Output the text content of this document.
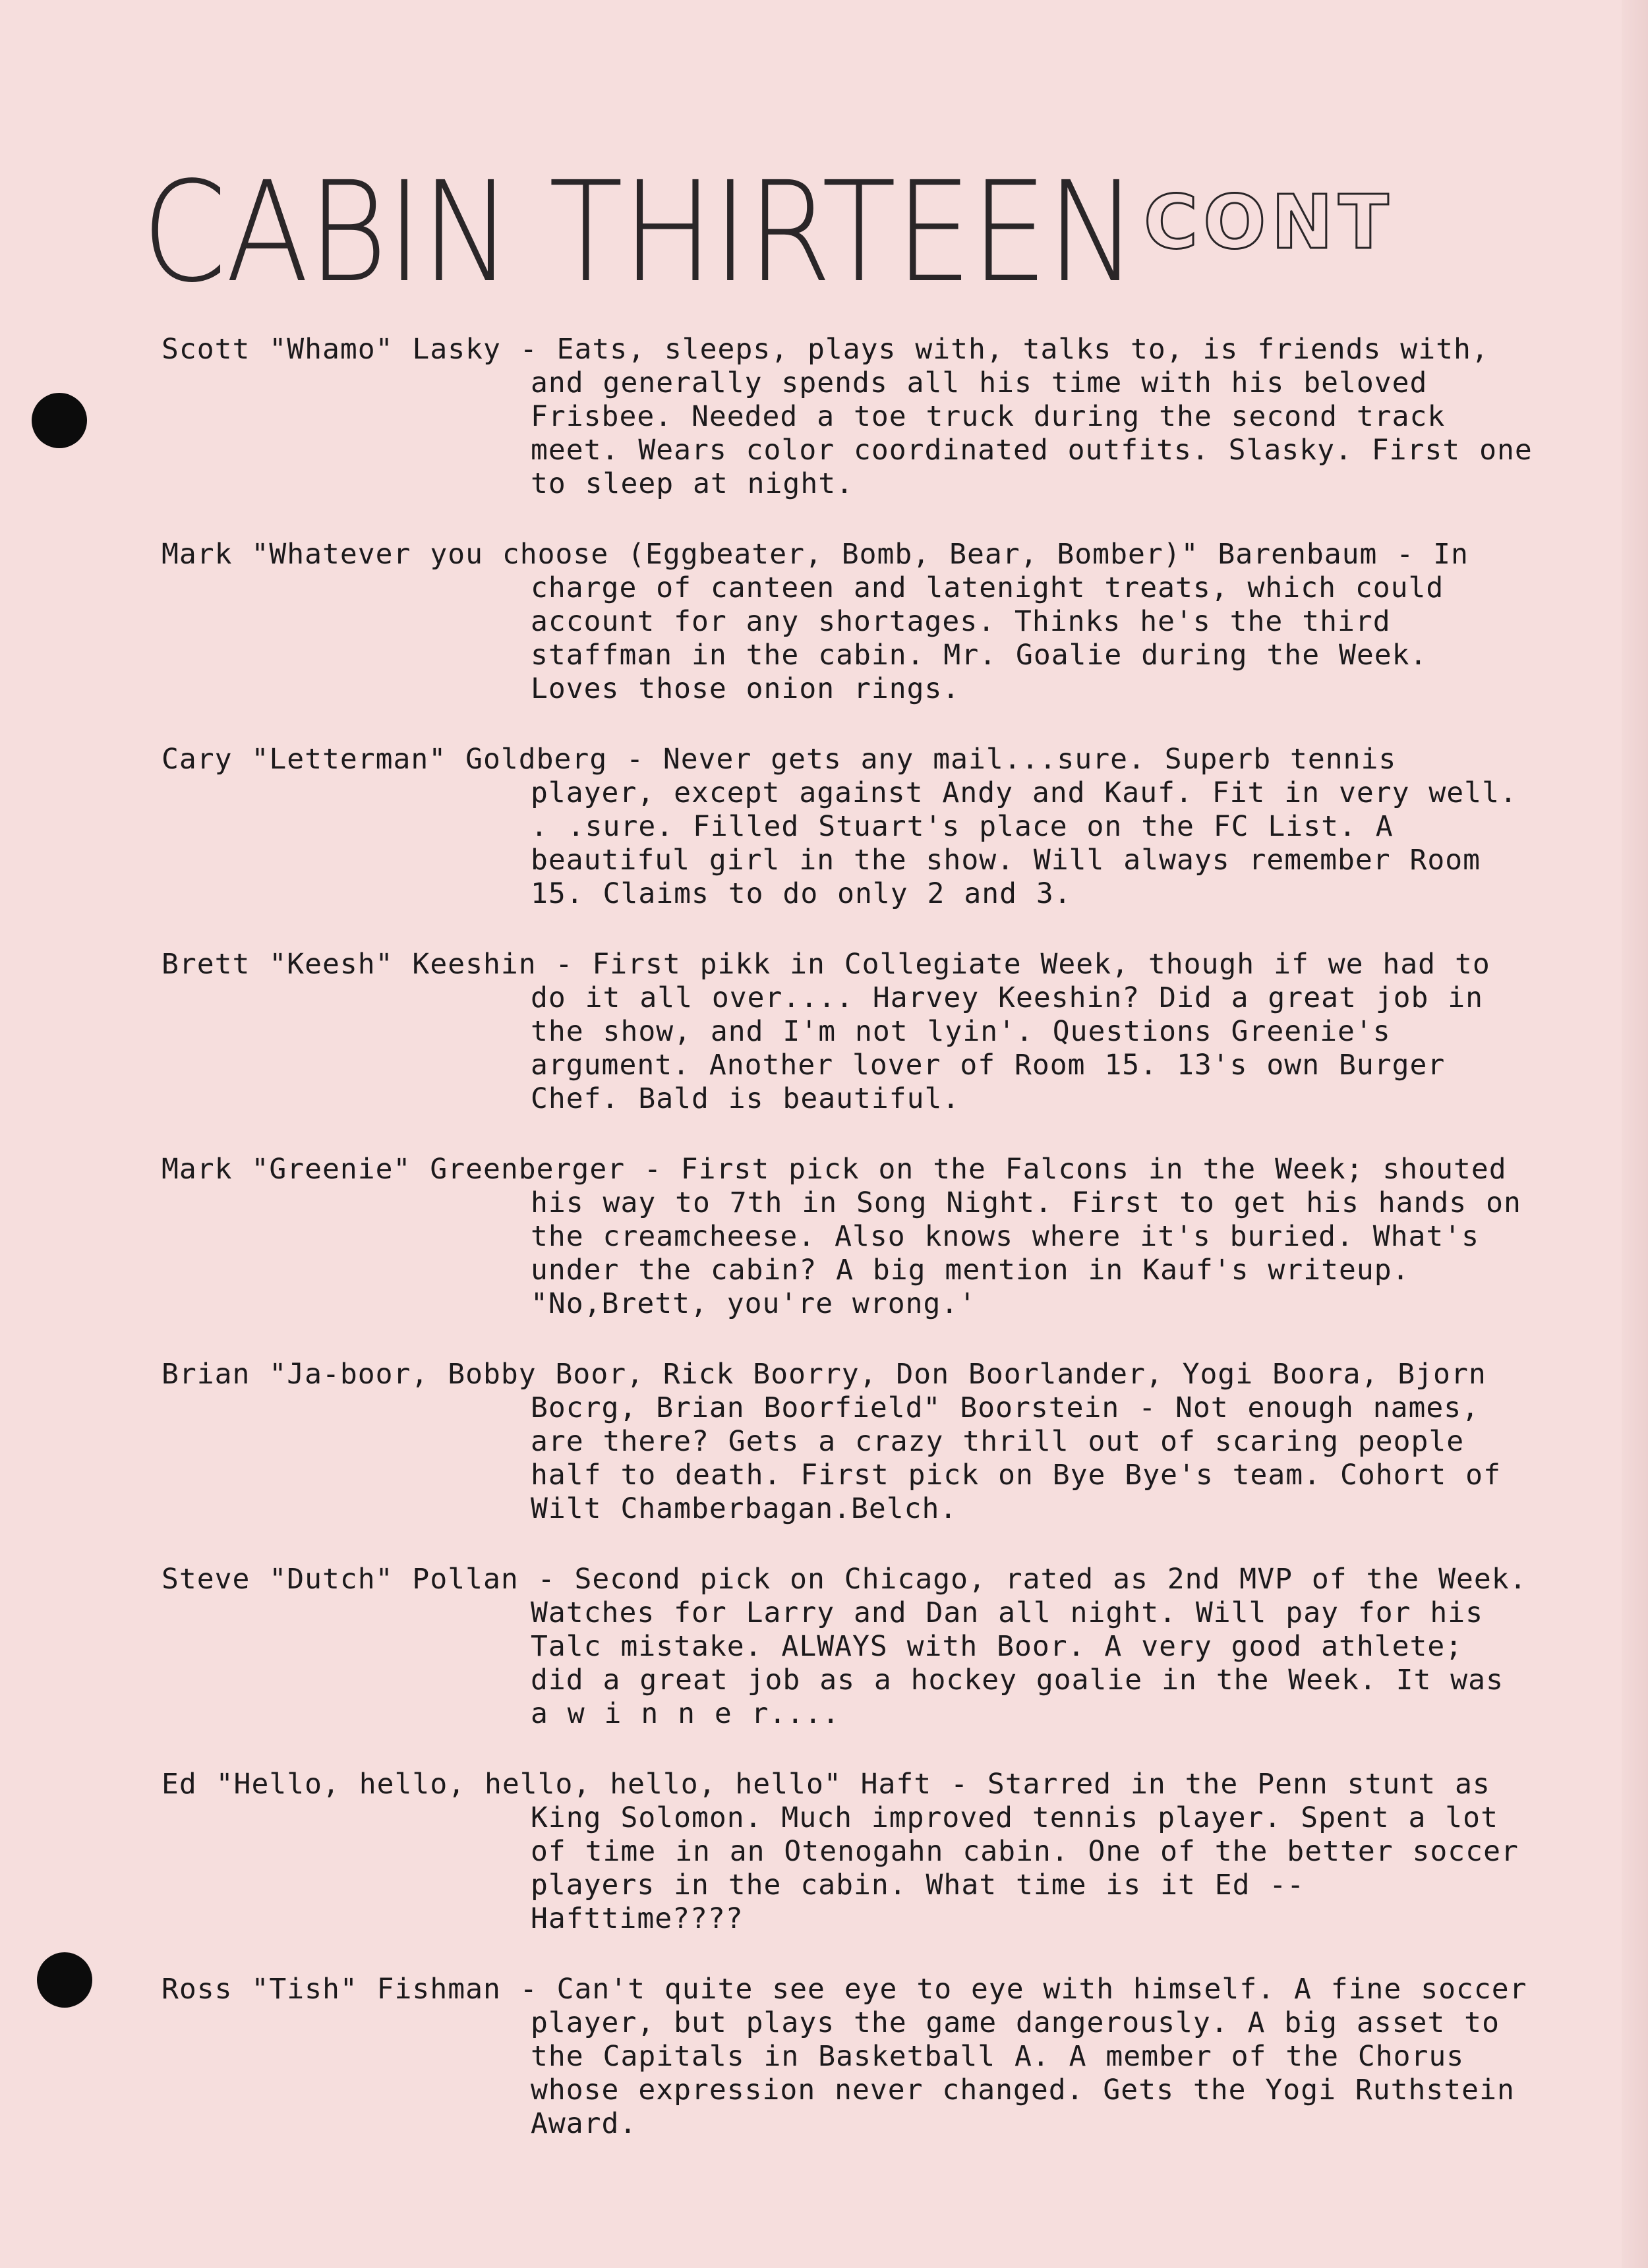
CABIN THIRTEEN CONT
Scott "Whamo" Lasky - Eats, sleeps, plays with, talks to, is friends with, and generally spends all his time with his beloved Frisbee. Needed a toe truck during the second track meet. Wears color coordinated outfits. Slasky. First one to sleep at night.
Mark "Whatever you choose (Eggbeater, Bomb, Bear, Bomber)" Barenbaum - In charge of canteen and latenight treats, which could account for any shortages. Thinks he's the third staffman in the cabin. Mr. Goalie during the Week. Loves those onion rings.
Cary "Letterman" Goldberg - Never gets any mail...sure. Superb tennis player, except against Andy and Kauf. Fit in very well. . .sure. Filled Stuart's place on the FC List. A beautiful girl in the show. Will always remember Room 15. Claims to do only 2 and 3.
Brett "Keesh" Keeshin - First pikk in Collegiate Week, though if we had to do it all over.... Harvey Keeshin? Did a great job in the show, and I'm not lyin'. Questions Greenie's argument. Another lover of Room 15. 13's own Burger Chef. Bald is beautiful.
Mark "Greenie" Greenberger - First pick on the Falcons in the Week; shouted his way to 7th in Song Night. First to get his hands on the creamcheese. Also knows where it's buried. What's under the cabin? A big mention in Kauf's writeup. "No,Brett, you're wrong.'
Brian "Ja-boor, Bobby Boor, Rick Boorry, Don Boorlander, Yogi Boora, Bjorn Bocrg, Brian Boorfield" Boorstein - Not enough names, are there? Gets a crazy thrill out of scaring people half to death. First pick on Bye Bye's team. Cohort of Wilt Chamberbagan.Belch.
Steve "Dutch" Pollan - Second pick on Chicago, rated as 2nd MVP of the Week. Watches for Larry and Dan all night. Will pay for his Talc mistake. ALWAYS with Boor. A very good athlete; did a great job as a hockey goalie in the Week. It was a w i n n e r....
Ed "Hello, hello, hello, hello, hello" Haft - Starred in the Penn stunt as King Solomon. Much improved tennis player. Spent a lot of time in an Otenogahn cabin. One of the better soccer players in the cabin. What time is it Ed -- Hafttime????
Ross "Tish" Fishman - Can't quite see eye to eye with himself. A fine soccer player, but plays the game dangerously. A big asset to the Capitals in Basketball A. A member of the Chorus whose expression never changed. Gets the Yogi Ruthstein Award.
